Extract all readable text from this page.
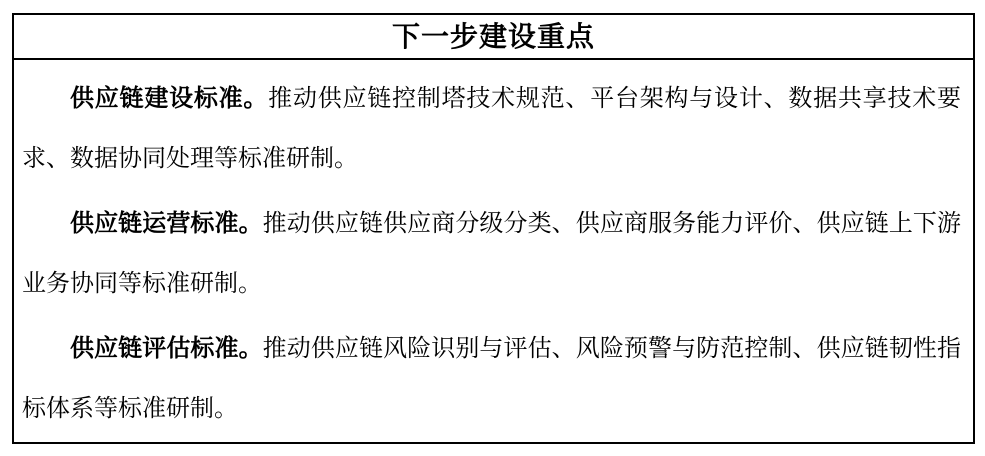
下一步建设重点

供应链建设标准。推动供应链控制塔技术规范、平台架构与设计、数据共享技术要求、数据协同处理等标准研制。

供应链运营标准。推动供应链供应商分级分类、供应商服务能力评价、供应链上下游业务协同等标准研制。

供应链评估标准。推动供应链风险识别与评估、风险预警与防范控制、供应链韧性指标体系等标准研制。
